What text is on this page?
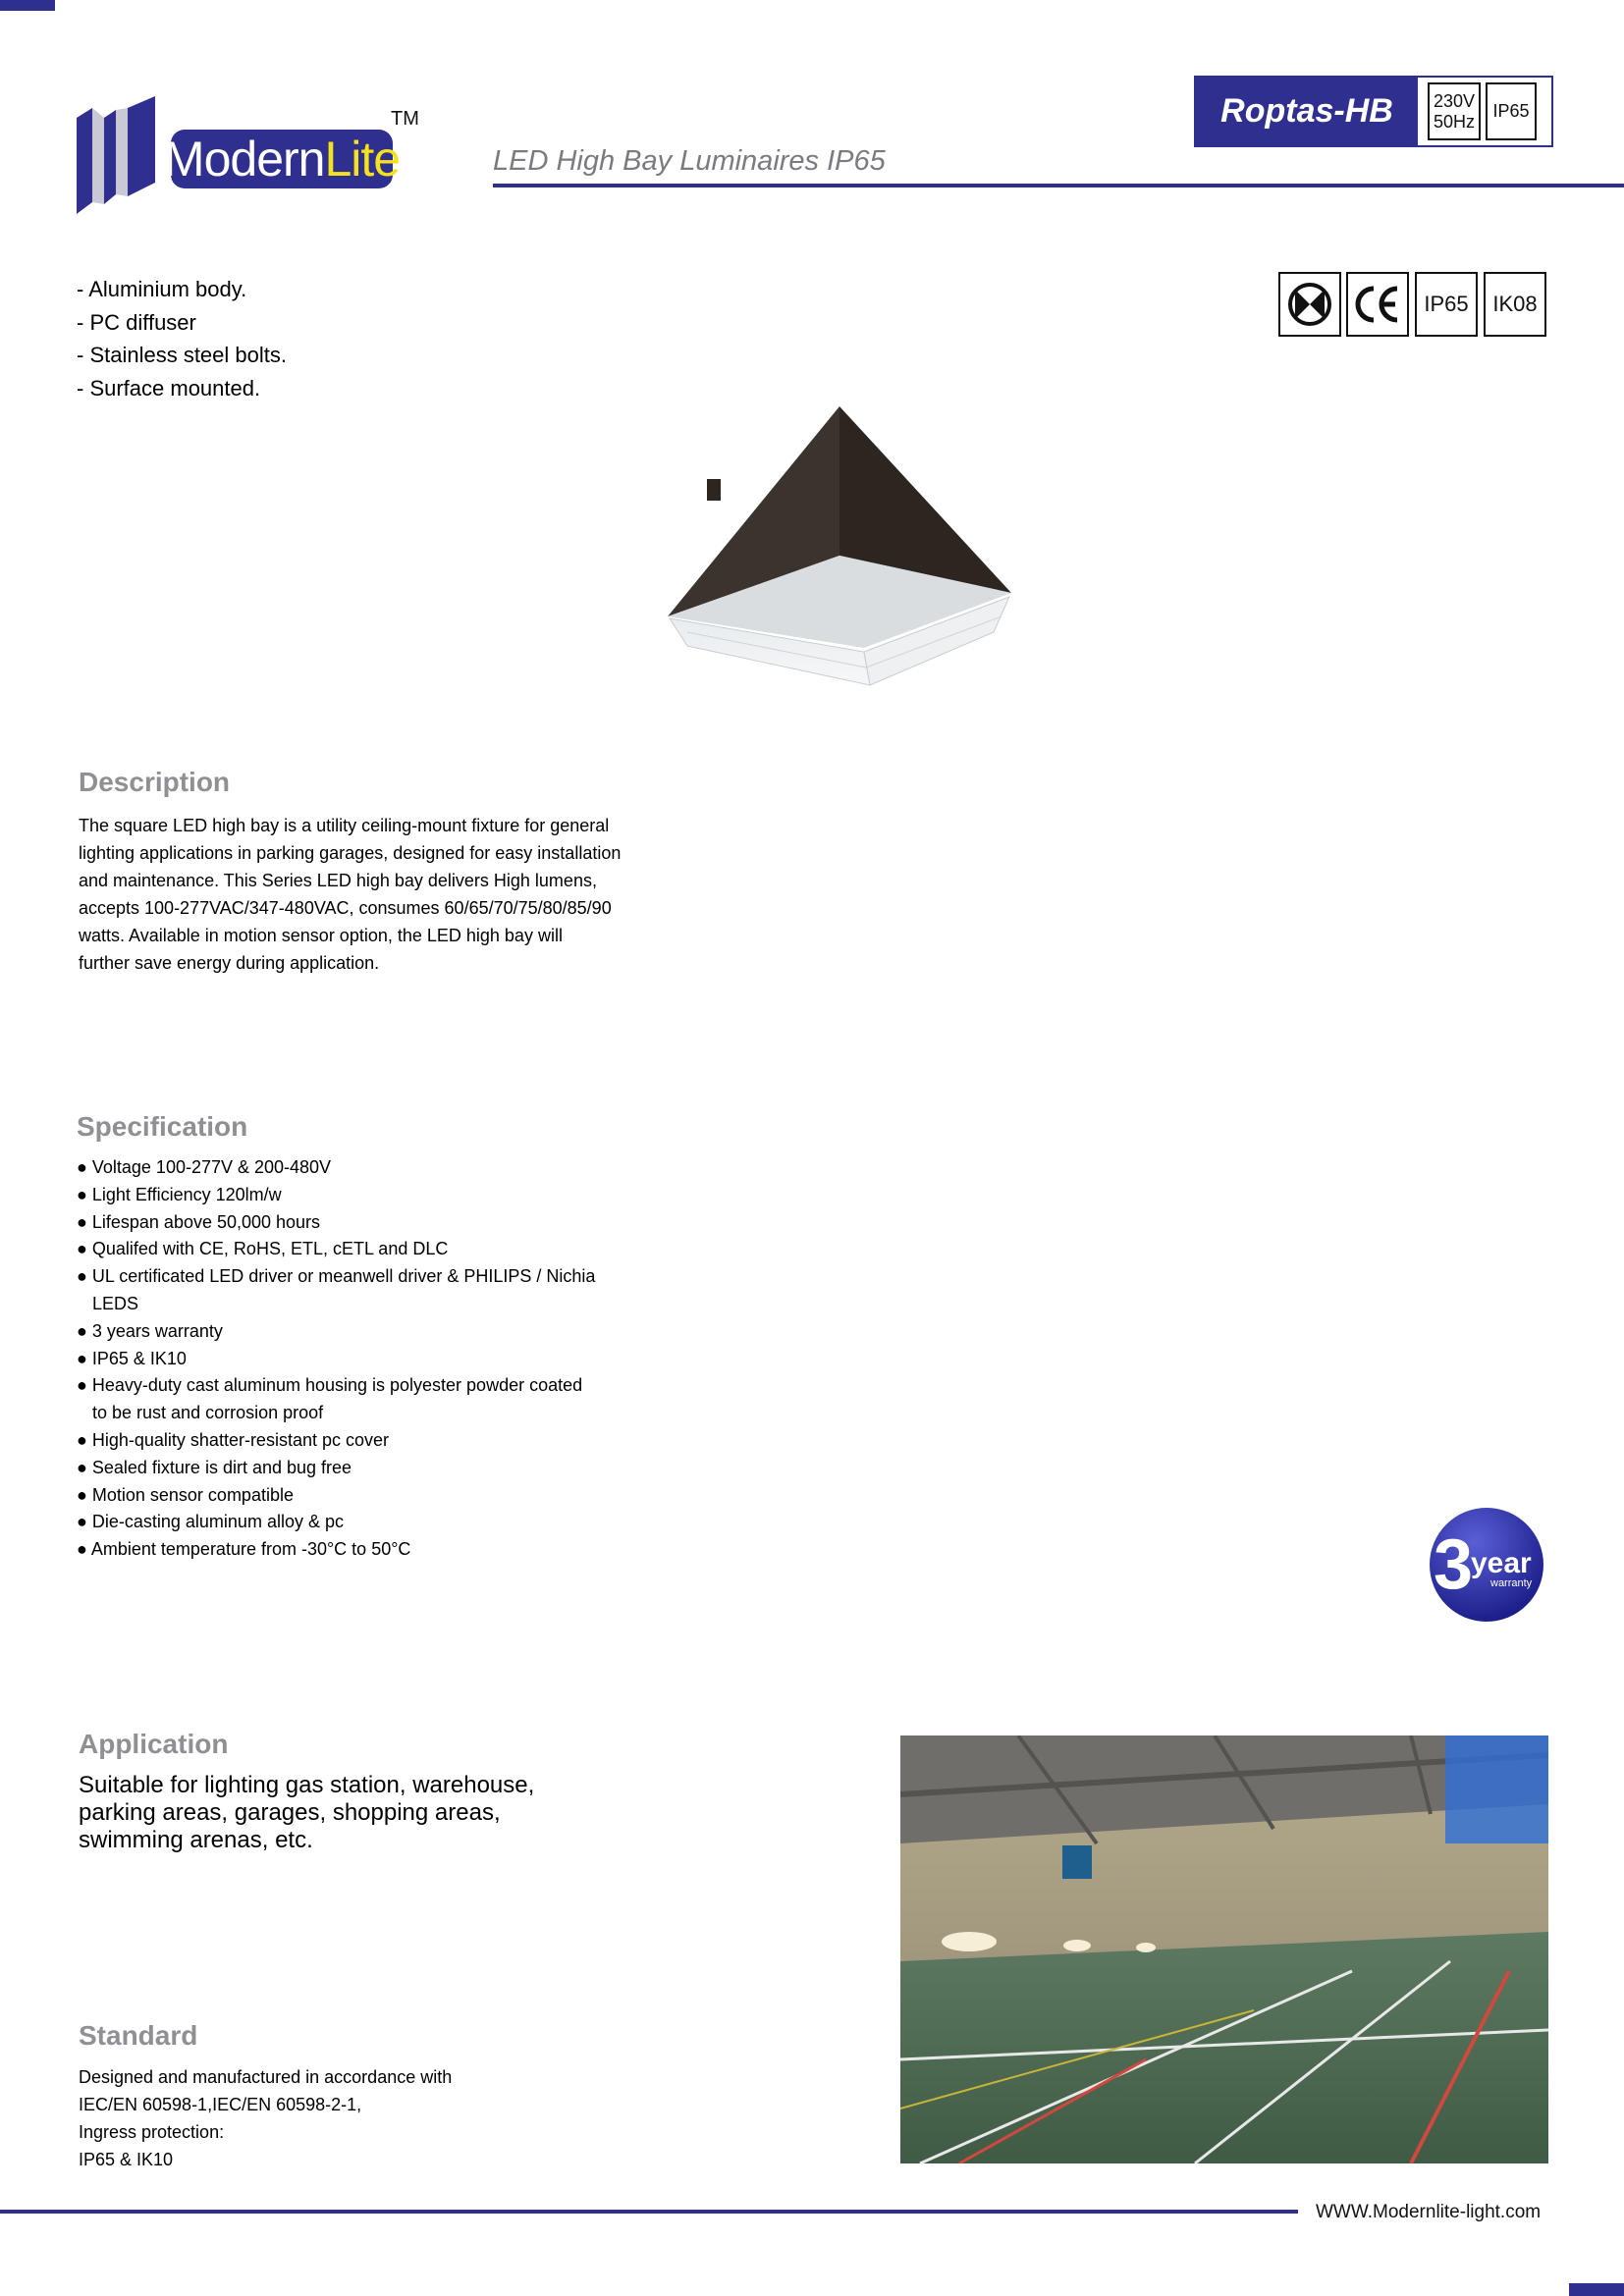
ModernLite
TM	Roptas-HB	230V
50Hz
IP65
LED High Bay Luminaires IP65
- Aluminium body.
- PC diffuser
- Stainless steel bolts.
- Surface mounted.
IP65	IK08
Description

The square LED high bay is a utility ceiling-mount fixture for general

lighting applications in parking garages, designed for easy installation

and maintenance. This Series LED high bay delivers High lumens,

accepts 100-277VAC/347-480VAC, consumes 60/65/70/75/80/85/90

watts. Available in motion sensor option, the LED high bay will

further save energy during application.

Specification
● Voltage 100-277V & 200-480V
● Light Efficiency 120lm/w
● Lifespan above 50,000 hours
● Qualifed with CE, RoHS, ETL, cETL and DLC
● UL certificated LED driver or meanwell driver & PHILIPS / Nichia LEDS
● 3 years warranty
● IP65 & IK10
● Heavy-duty cast aluminum housing is polyester powder coated to be rust and corrosion proof
● High-quality shatter-resistant pc cover
● Sealed fixture is dirt and bug free
● Motion sensor compatible
● Die-casting aluminum alloy & pc
● Ambient temperature from -30°C to 50°C	3
year
warranty
Application
Suitable for lighting gas station, warehouse,
parking areas, garages, shopping areas,
swimming arenas, etc.
Standard

Designed and manufactured in accordance with

IEC/EN 60598-1,IEC/EN 60598-2-1,

Ingress protection:

IP65 & IK10

WWW.Modernlite-light.com
